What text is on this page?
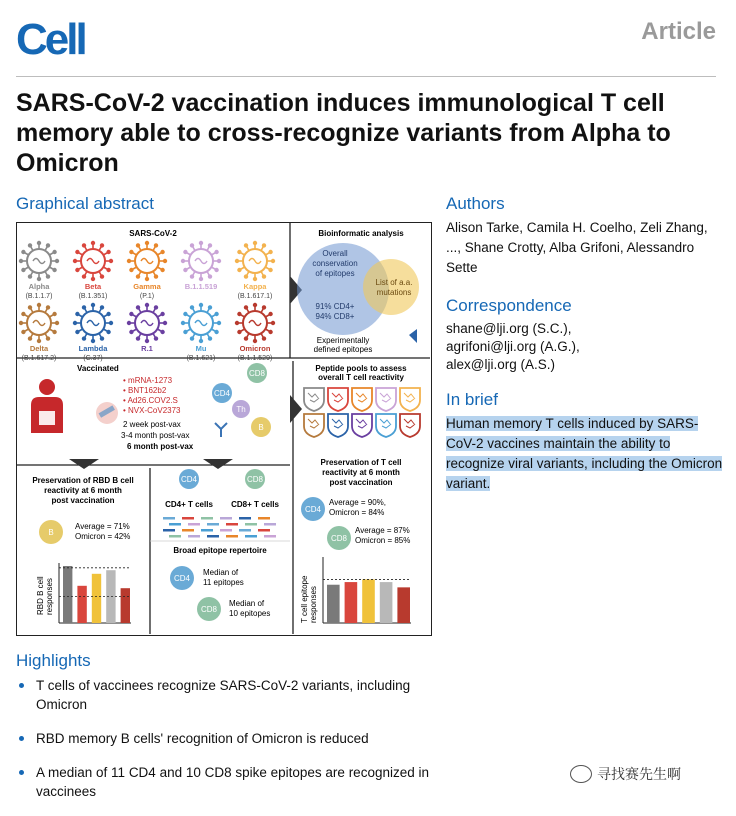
Cell	Article
SARS-CoV-2 vaccination induces immunological T cell memory able to cross-recognize variants from Alpha to Omicron
Graphical abstract
SARS-CoV-2
Alpha
(B.1.1.7)
Beta
(B.1.351)
Gamma
(P.1)
B.1.1.519	Kappa
(B.1.617.1)
Delta
(B.1.617.2)
Lambda
(C.37)
R.1	Mu
(B.1.621)
Omicron
(B.1.1.529)
Bioinformatic analysis
Overall
conservation
of epitopes
List of a.a.
mutations
91% CD4+
94% CD8+
Experimentally
defined epitopes
Vaccinated
• mRNA-1273
• BNT162b2
• Ad26.COV2.S
• NVX-CoV2373
2 week post-vax
3-4 month post-vax
6 month post-vax
CD8
CD4
Th
B
Peptide pools to assess
overall T cell reactivity
Preservation of RBD B cell
reactivity at 6 month
post vaccination
B
Average = 71%
Omicron = 42%
RBD B cell responses
CD4	CD8
CD4+ T cells CD8+ T cells
Broad epitope repertoire
CD4
Median of
11 epitopes
CD8
Median of
10 epitopes
Preservation of T cell
reactivity at 6 month
post vaccination
CD4
Average = 90%,
Omicron = 84%
CD8
Average = 87%
Omicron = 85%
T cell epitope responses
Authors
Alison Tarke, Camila H. Coelho, Zeli Zhang, ..., Shane Crotty, Alba Grifoni, Alessandro Sette
Correspondence
shane@lji.org (S.C.),
agrifoni@lji.org (A.G.),
alex@lji.org (A.S.)
In brief
Human memory T cells induced by SARS-CoV-2 vaccines maintain the ability to recognize viral variants, including the Omicron variant.
Highlights
T cells of vaccinees recognize SARS-CoV-2 variants, including Omicron
RBD memory B cells' recognition of Omicron is reduced
A median of 11 CD4 and 10 CD8 spike epitopes are recognized in vaccinees
寻找赛先生啊
